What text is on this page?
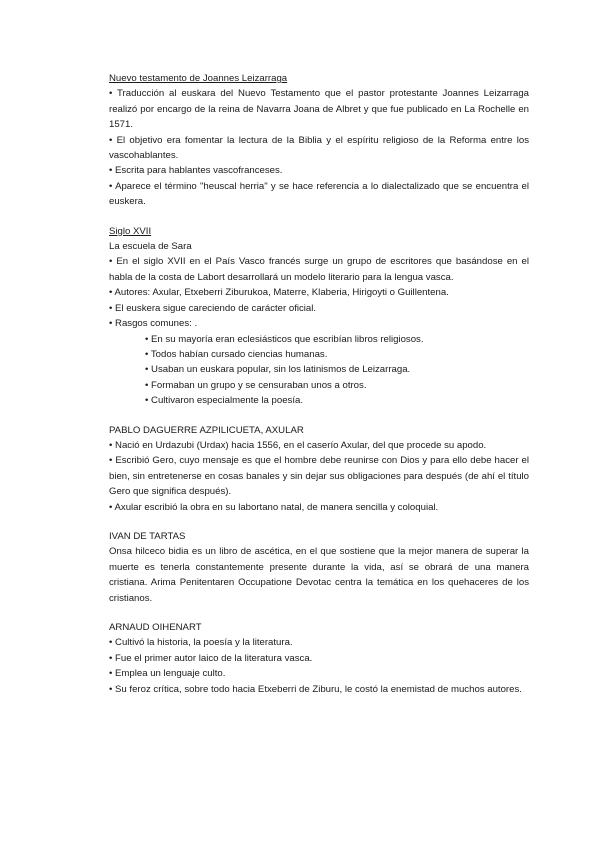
Nuevo testamento de Joannes Leizarraga

• Traducción al euskara del Nuevo Testamento que el pastor protestante Joannes Leizarraga realizó por encargo de la reina de Navarra Joana de Albret y que fue publicado en La Rochelle en 1571.

• El objetivo era fomentar la lectura de la Biblia y el espíritu religioso de la Reforma entre los vascohablantes.

• Escrita para hablantes vascofranceses.

• Aparece el término "heuscal herria" y se hace referencia a lo dialectalizado que se encuentra el euskera.

Siglo XVII

La escuela de Sara

• En el siglo XVII en el País Vasco francés surge un grupo de escritores que basándose en el habla de la costa de Labort desarrollará un modelo literario para la lengua vasca.

• Autores: Axular, Etxeberri Ziburukoa, Materre, Klaberia, Hirigoyti o Guillentena.

• El euskera sigue careciendo de carácter oficial.

• Rasgos comunes: .

• En su mayoría eran eclesiásticos que escribían libros religiosos.

• Todos habían cursado ciencias humanas.

• Usaban un euskara popular, sin los latinismos de Leizarraga.

• Formaban un grupo y se censuraban unos a otros.

• Cultivaron especialmente la poesía.

PABLO DAGUERRE AZPILICUETA, AXULAR

• Nació en Urdazubi (Urdax) hacia 1556, en el caserío Axular, del que procede su apodo.

• Escribió Gero, cuyo mensaje es que el hombre debe reunirse con Dios y para ello debe hacer el bien, sin entretenerse en cosas banales y sin dejar sus obligaciones para después (de ahí el título Gero que significa después).

• Axular escribió la obra en su labortano natal, de manera sencilla y coloquial.

IVAN DE TARTAS

Onsa hilceco bidia es un libro de ascética, en el que sostiene que la mejor manera de superar la muerte es tenerla constantemente presente durante la vida, así se obrará de una manera cristiana. Arima Penitentaren Occupatione Devotac centra la temática en los quehaceres de los cristianos.

ARNAUD OIHENART

• Cultivó la historia, la poesía y la literatura.

• Fue el primer autor laico de la literatura vasca.

• Emplea un lenguaje culto.

• Su feroz crítica, sobre todo hacia Etxeberri de Ziburu, le costó la enemistad de muchos autores.
